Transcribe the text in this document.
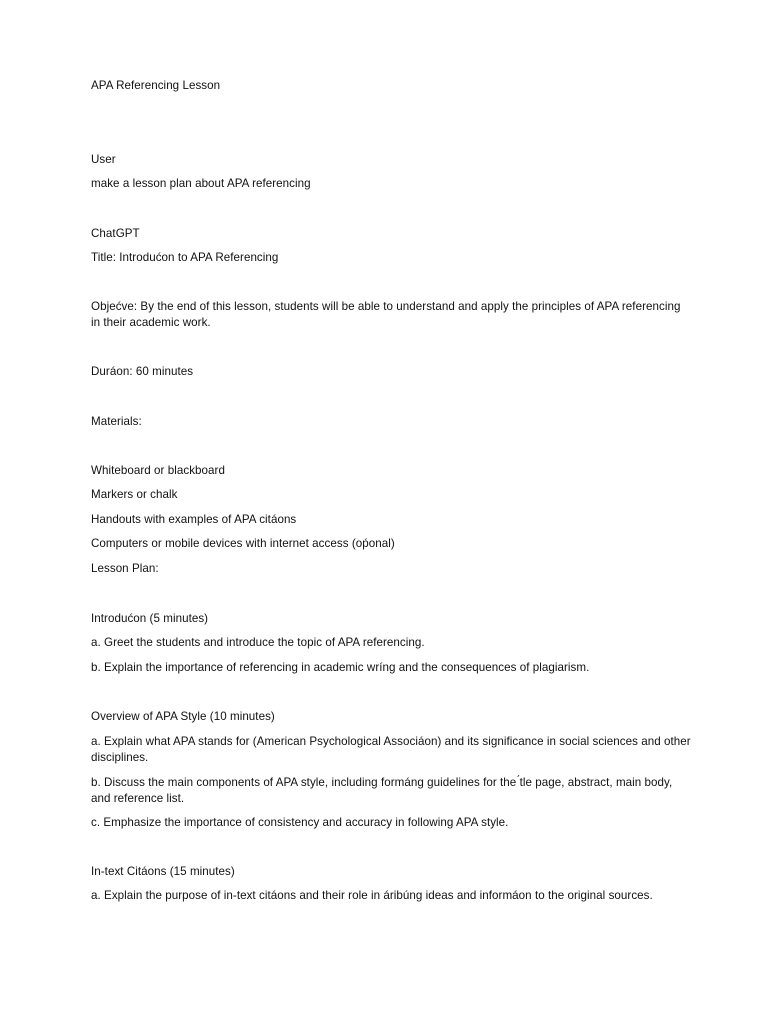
APA Referencing Lesson
User
make a lesson plan about APA referencing
ChatGPT
Title: Introdućon to APA Referencing
Objećve: By the end of this lesson, students will be able to understand and apply the principles of APA referencing in their academic work.
Duráon: 60 minutes
Materials:
Whiteboard or blackboard
Markers or chalk
Handouts with examples of APA citáons
Computers or mobile devices with internet access (oṕonal)
Lesson Plan:
Introdućon (5 minutes)
a. Greet the students and introduce the topic of APA referencing.
b. Explain the importance of referencing in academic wríng and the consequences of plagiarism.
Overview of APA Style (10 minutes)
a. Explain what APA stands for (American Psychological Associáon) and its significance in social sciences and other disciplines.
b. Discuss the main components of APA style, including formáng guidelines for the ́tle page, abstract, main body, and reference list.
c. Emphasize the importance of consistency and accuracy in following APA style.
In-text Citáons (15 minutes)
a. Explain the purpose of in-text citáons and their role in áribúng ideas and informáon to the original sources.
